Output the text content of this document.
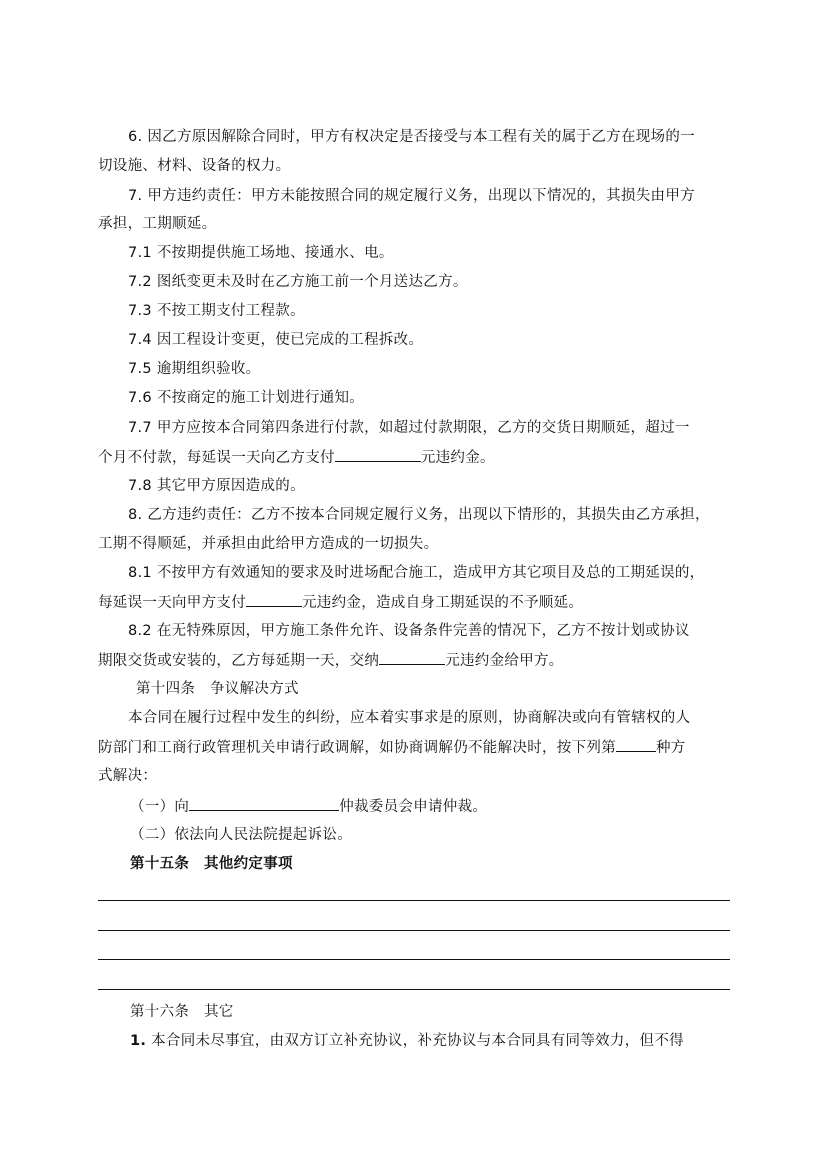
6. 因乙方原因解除合同时，甲方有权决定是否接受与本工程有关的属于乙方在现场的一
切设施、材料、设备的权力。
7. 甲方违约责任：甲方未能按照合同的规定履行义务，出现以下情况的，其损失由甲方
承担，工期顺延。
7.1 不按期提供施工场地、接通水、电。
7.2 图纸变更未及时在乙方施工前一个月送达乙方。
7.3 不按工期支付工程款。
7.4 因工程设计变更，使已完成的工程拆改。
7.5 逾期组织验收。
7.6 不按商定的施工计划进行通知。
7.7 甲方应按本合同第四条进行付款，如超过付款期限，乙方的交货日期顺延，超过一
个月不付款，每延误一天向乙方支付	元违约金。
7.8 其它甲方原因造成的。
8. 乙方违约责任：乙方不按本合同规定履行义务，出现以下情形的，其损失由乙方承担，
工期不得顺延，并承担由此给甲方造成的一切损失。
8.1 不按甲方有效通知的要求及时进场配合施工，造成甲方其它项目及总的工期延误的，
每延误一天向甲方支付	元违约金，造成自身工期延误的不予顺延。
8.2 在无特殊原因，甲方施工条件允许、设备条件完善的情况下，乙方不按计划或协议
期限交货或安装的，乙方每延期一天，交纳	元违约金给甲方。
第十四条　争议解决方式
本合同在履行过程中发生的纠纷，应本着实事求是的原则，协商解决或向有管辖权的人
防部门和工商行政管理机关申请行政调解，如协商调解仍不能解决时，按下列第	种方
式解决：
（一）向	仲裁委员会申请仲裁。
（二）依法向人民法院提起诉讼。
第十五条　其他约定事项
第十六条　其它
1. 本合同未尽事宜，由双方订立补充协议，补充协议与本合同具有同等效力，但不得
